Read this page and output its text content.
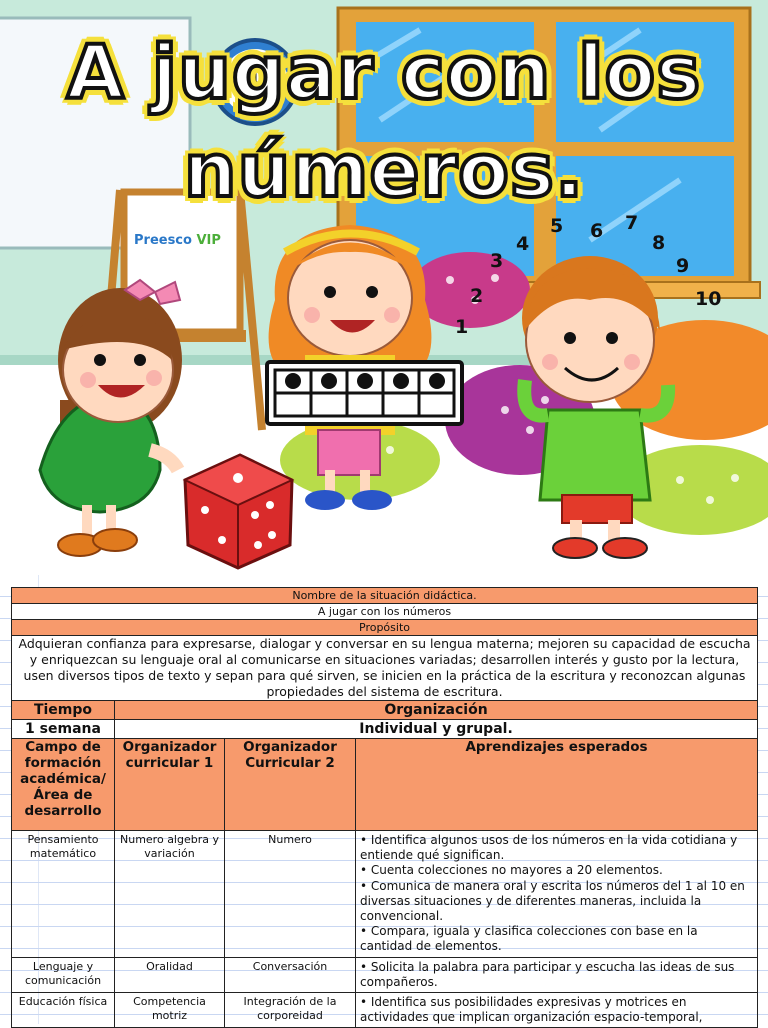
A jugar con los
números.
Preesco VIP
1
2
3
4
5 6 7
8
9
10
Nombre de la situación didáctica.			
A jugar con los números			
Propósito			
Adquieran confianza para expresarse, dialogar y conversar en su lengua materna; mejoren su capacidad de escucha y enriquezcan su lenguaje oral al comunicarse en situaciones variadas; desarrollen interés y gusto por la lectura, usen diversos tipos de texto y sepan para qué sirven, se inicien en la práctica de la escritura y reconozcan algunas propiedades del sistema de escritura.			
Tiempo	Organización		
1 semana	Individual y grupal.		
Campo de formación académica/ Área de desarrollo	Organizador curricular 1	Organizador Curricular 2	Aprendizajes esperados
Pensamiento matemático	Numero algebra y variación	Numero	• Identifica algunos usos de los números en la vida cotidiana y entiende qué significan.
• Cuenta colecciones no mayores a 20 elementos.
• Comunica de manera oral y escrita los números del 1 al 10 en diversas situaciones y de diferentes maneras, incluida la convencional.
• Compara, iguala y clasifica colecciones con base en la cantidad de elementos.

Lenguaje y comunicación	Oralidad	Conversación	• Solicita la palabra para participar y escucha las ideas de sus compañeros.

Educación física	Competencia motriz	Integración de la corporeidad	• Identifica sus posibilidades expresivas y motrices en actividades que implican organización espacio-temporal,
